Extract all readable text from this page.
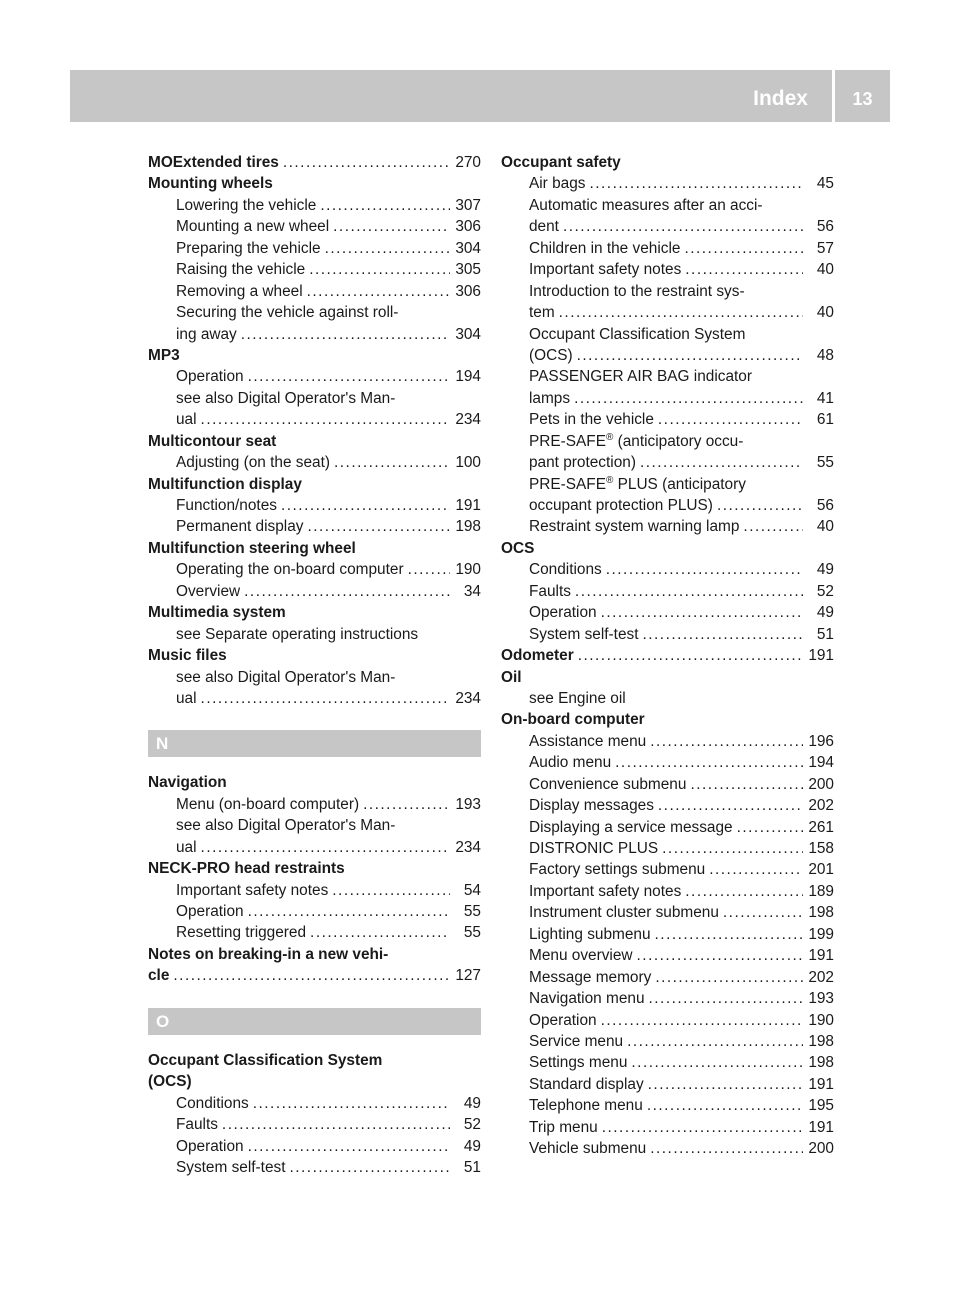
Index	13
MOExtended tires .....	270
Mounting wheels
Lowering the vehicle .....	307
Mounting a new wheel .....	306
Preparing the vehicle .....	304
Raising the vehicle .....	305
Removing a wheel .....	306
Securing the vehicle against roll-
ing away .....	304
MP3
Operation .....	194
see also Digital Operator's Man-
ual .....	234
Multicontour seat
Adjusting (on the seat) .....	100
Multifunction display
Function/notes .....	191
Permanent display .....	198
Multifunction steering wheel
Operating the on-board computer .....	190
Overview .....	34
Multimedia system
see Separate operating instructions
Music files
see also Digital Operator's Man-
ual .....	234
N
Navigation
Menu (on-board computer) .....	193
see also Digital Operator's Man-
ual .....	234
NECK-PRO head restraints
Important safety notes .....	54
Operation .....	55
Resetting triggered .....	55
Notes on breaking-in a new vehi-
cle .....	127
O
Occupant Classification System
(OCS)
Conditions .....	49
Faults .....	52
Operation .....	49
System self-test .....	51
Occupant safety
Air bags .....	45
Automatic measures after an acci-
dent .....	56
Children in the vehicle .....	57
Important safety notes .....	40
Introduction to the restraint sys-
tem .....	40
Occupant Classification System
(OCS) .....	48
PASSENGER AIR BAG indicator
lamps .....	41
Pets in the vehicle .....	61
PRE-SAFE® (anticipatory occu-
pant protection) .....	55
PRE-SAFE® PLUS (anticipatory
occupant protection PLUS) .....	56
Restraint system warning lamp .....	40
OCS
Conditions .....	49
Faults .....	52
Operation .....	49
System self-test .....	51
Odometer .....	191
Oil
see Engine oil
On-board computer
Assistance menu .....	196
Audio menu .....	194
Convenience submenu .....	200
Display messages .....	202
Displaying a service message .....	261
DISTRONIC PLUS .....	158
Factory settings submenu .....	201
Important safety notes .....	189
Instrument cluster submenu .....	198
Lighting submenu .....	199
Menu overview .....	191
Message memory .....	202
Navigation menu .....	193
Operation .....	190
Service menu .....	198
Settings menu .....	198
Standard display .....	191
Telephone menu .....	195
Trip menu .....	191
Vehicle submenu .....	200
